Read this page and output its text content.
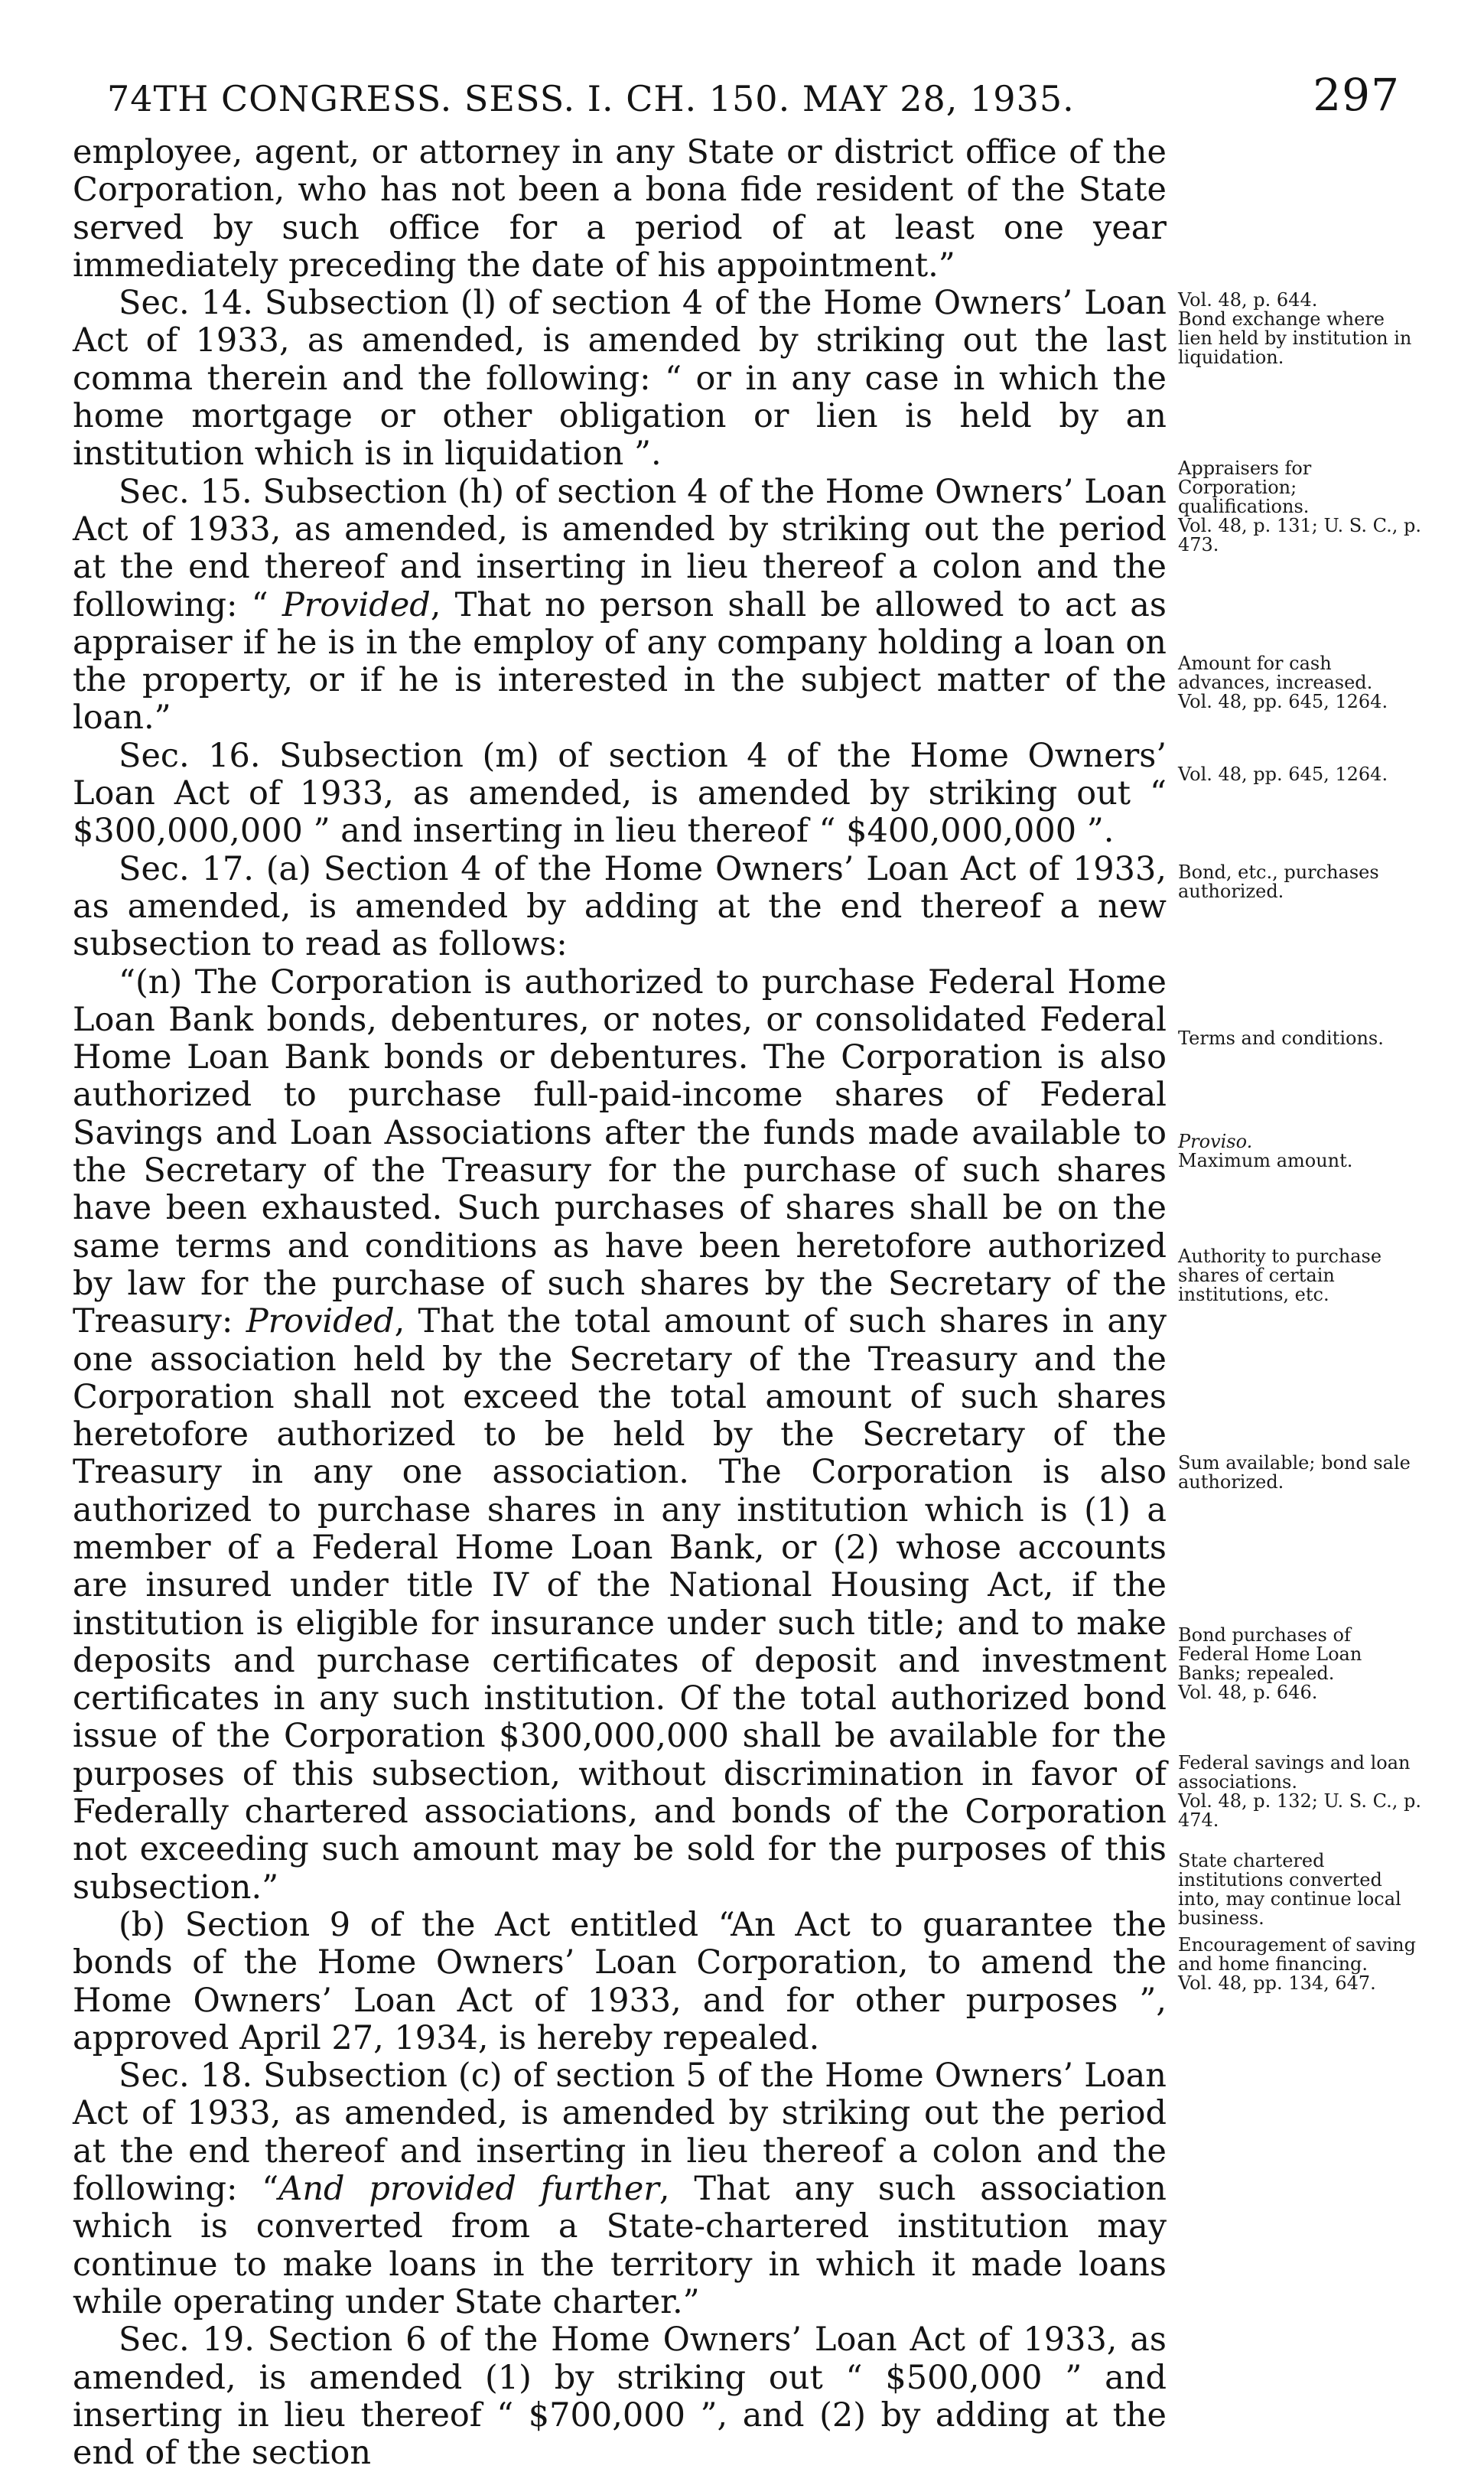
74TH CONGRESS. SESS. I. CH. 150. MAY 28, 1935.	297

employee, agent, or attorney in any State or district office of the Corporation, who has not been a bona fide resident of the State served by such office for a period of at least one year immediately preceding the date of his appointment.”

Sec. 14. Subsection (l) of section 4 of the Home Owners’ Loan Act of 1933, as amended, is amended by striking out the last comma therein and the following: “ or in any case in which the home mortgage or other obligation or lien is held by an institution which is in liquidation ”.

Sec. 15. Subsection (h) of section 4 of the Home Owners’ Loan Act of 1933, as amended, is amended by striking out the period at the end thereof and inserting in lieu thereof a colon and the following: “ Provided, That no person shall be allowed to act as appraiser if he is in the employ of any company holding a loan on the property, or if he is interested in the subject matter of the loan.”

Sec. 16. Subsection (m) of section 4 of the Home Owners’ Loan Act of 1933, as amended, is amended by striking out “ $300,000,000 ” and inserting in lieu thereof “ $400,000,000 ”.

Sec. 17. (a) Section 4 of the Home Owners’ Loan Act of 1933, as amended, is amended by adding at the end thereof a new subsection to read as follows:

“(n) The Corporation is authorized to purchase Federal Home Loan Bank bonds, debentures, or notes, or consolidated Federal Home Loan Bank bonds or debentures. The Corporation is also authorized to purchase full-paid-income shares of Federal Savings and Loan Associations after the funds made available to the Secretary of the Treasury for the purchase of such shares have been exhausted. Such purchases of shares shall be on the same terms and conditions as have been heretofore authorized by law for the purchase of such shares by the Secretary of the Treasury: Provided, That the total amount of such shares in any one association held by the Secretary of the Treasury and the Corporation shall not exceed the total amount of such shares heretofore authorized to be held by the Secretary of the Treasury in any one association. The Corporation is also authorized to purchase shares in any institution which is (1) a member of a Federal Home Loan Bank, or (2) whose accounts are insured under title IV of the National Housing Act, if the institution is eligible for insurance under such title; and to make deposits and purchase certificates of deposit and investment certificates in any such institution. Of the total authorized bond issue of the Corporation $300,000,000 shall be available for the purposes of this subsection, without discrimination in favor of Federally chartered associations, and bonds of the Corporation not exceeding such amount may be sold for the purposes of this subsection.”

(b) Section 9 of the Act entitled “An Act to guarantee the bonds of the Home Owners’ Loan Corporation, to amend the Home Owners’ Loan Act of 1933, and for other purposes ”, approved April 27, 1934, is hereby repealed.

Sec. 18. Subsection (c) of section 5 of the Home Owners’ Loan Act of 1933, as amended, is amended by striking out the period at the end thereof and inserting in lieu thereof a colon and the following: “And provided further, That any such association which is converted from a State-chartered institution may continue to make loans in the territory in which it made loans while operating under State charter.”

Sec. 19. Section 6 of the Home Owners’ Loan Act of 1933, as amended, is amended (1) by striking out “ $500,000 ” and inserting in lieu thereof “ $700,000 ”, and (2) by adding at the end of the section

Vol. 48, p. 644.
Bond exchange where lien held by institution in liquidation.
Appraisers for Corporation; qualifications.
Vol. 48, p. 131; U. S. C., p. 473.
Amount for cash advances, increased.
Vol. 48, pp. 645, 1264.
Vol. 48, pp. 645, 1264.
Bond, etc., purchases authorized.
Terms and conditions.
Proviso.
Maximum amount.
Authority to purchase shares of certain institutions, etc.
Sum available; bond sale authorized.
Bond purchases of Federal Home Loan Banks; repealed.
Vol. 48, p. 646.
Federal savings and loan associations.
Vol. 48, p. 132; U. S. C., p. 474.
State chartered institutions converted into, may continue local business.
Encouragement of saving and home financing.
Vol. 48, pp. 134, 647.
